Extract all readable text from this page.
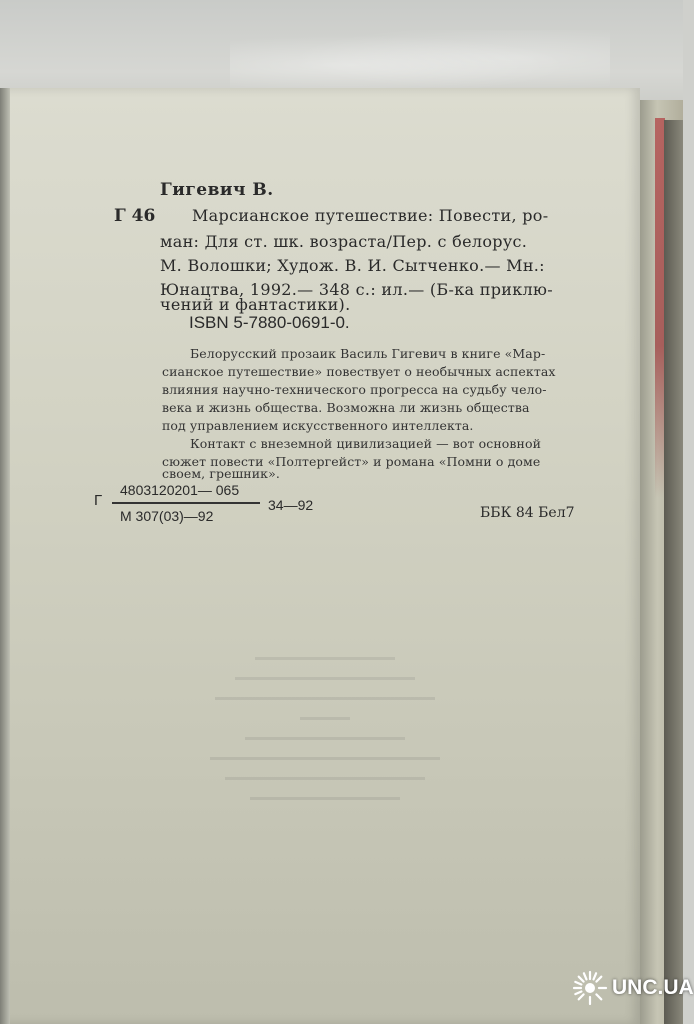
Гигевич В.
Г 46 Марсианское путешествие: Повести, ро-
ман: Для ст. шк. возраста/Пер. с белорус.
М. Волошки; Худож. В. И. Сытченко.— Мн.:
Юнацтва, 1992.— 348 с.: ил.— (Б-ка приклю-
чений и фантастики).
ISBN 5-7880-0691-0.
Белорусский прозаик Василь Гигевич в книге «Мар-
сианское путешествие» повествует о необычных аспектах
влияния научно-технического прогресса на судьбу чело-
века и жизнь общества. Возможна ли жизнь общества
под управлением искусственного интеллекта.
Контакт с внеземной цивилизацией — вот основной
сюжет повести «Полтергейст» и романа «Помни о доме
своем, грешник».
4803120201— 065
Г	34—92
М 307(03)—92	ББК 84 Бел7
UNC.UA
